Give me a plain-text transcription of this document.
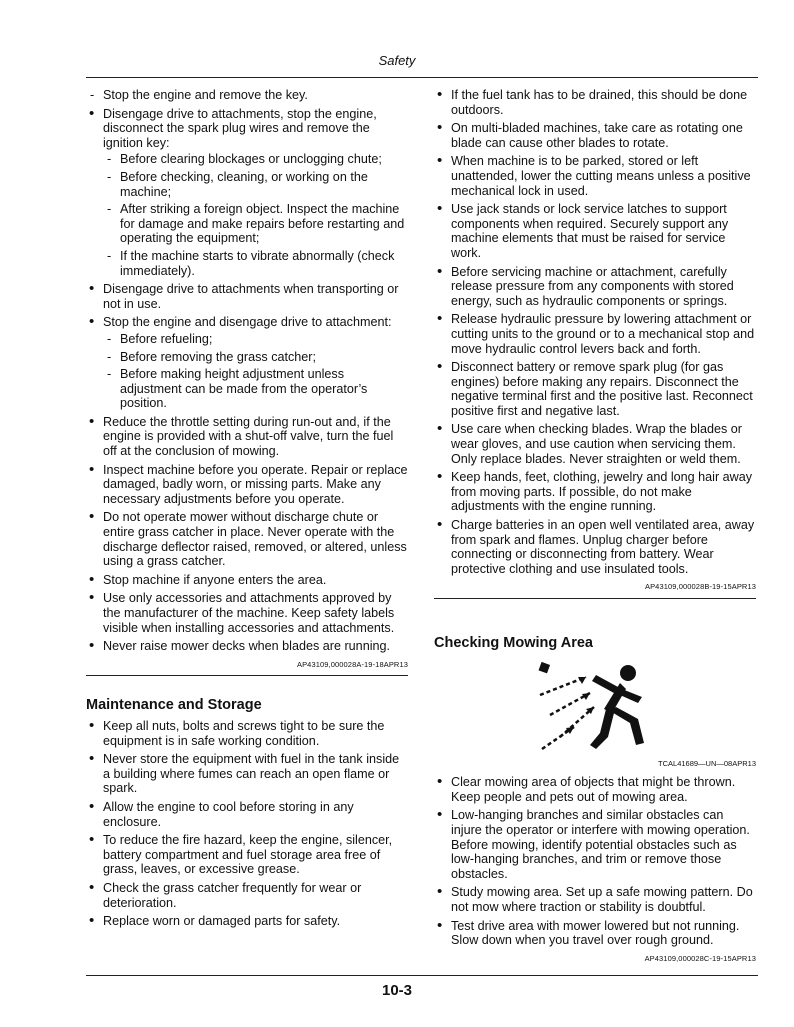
Safety
- Stop the engine and remove the key.
• Disengage drive to attachments, stop the engine, disconnect the spark plug wires and remove the ignition key:
- Before clearing blockages or unclogging chute;
- Before checking, cleaning, or working on the machine;
- After striking a foreign object. Inspect the machine for damage and make repairs before restarting and operating the equipment;
- If the machine starts to vibrate abnormally (check immediately).
• Disengage drive to attachments when transporting or not in use.
• Stop the engine and disengage drive to attachment:
- Before refueling;
- Before removing the grass catcher;
- Before making height adjustment unless adjustment can be made from the operator’s position.
• Reduce the throttle setting during run-out and, if the engine is provided with a shut-off valve, turn the fuel off at the conclusion of mowing.
• Inspect machine before you operate. Repair or replace damaged, badly worn, or missing parts. Make any necessary adjustments before you operate.
• Do not operate mower without discharge chute or entire grass catcher in place. Never operate with the discharge deflector raised, removed, or altered, unless using a grass catcher.
• Stop machine if anyone enters the area.
• Use only accessories and attachments approved by the manufacturer of the machine. Keep safety labels visible when installing accessories and attachments.
• Never raise mower decks when blades are running.
AP43109,000028A-19-18APR13
Maintenance and Storage
• Keep all nuts, bolts and screws tight to be sure the equipment is in safe working condition.
• Never store the equipment with fuel in the tank inside a building where fumes can reach an open flame or spark.
• Allow the engine to cool before storing in any enclosure.
• To reduce the fire hazard, keep the engine, silencer, battery compartment and fuel storage area free of grass, leaves, or excessive grease.
• Check the grass catcher frequently for wear or deterioration.
• Replace worn or damaged parts for safety.
• If the fuel tank has to be drained, this should be done outdoors.
• On multi-bladed machines, take care as rotating one blade can cause other blades to rotate.
• When machine is to be parked, stored or left unattended, lower the cutting means unless a positive mechanical lock in used.
• Use jack stands or lock service latches to support components when required. Securely support any machine elements that must be raised for service work.
• Before servicing machine or attachment, carefully release pressure from any components with stored energy, such as hydraulic components or springs.
• Release hydraulic pressure by lowering attachment or cutting units to the ground or to a mechanical stop and move hydraulic control levers back and forth.
• Disconnect battery or remove spark plug (for gas engines) before making any repairs. Disconnect the negative terminal first and the positive last. Reconnect positive first and negative last.
• Use care when checking blades. Wrap the blades or wear gloves, and use caution when servicing them. Only replace blades. Never straighten or weld them.
• Keep hands, feet, clothing, jewelry and long hair away from moving parts. If possible, do not make adjustments with the engine running.
• Charge batteries in an open well ventilated area, away from spark and flames. Unplug charger before connecting or disconnecting from battery. Wear protective clothing and use insulated tools.
AP43109,000028B-19-15APR13
Checking Mowing Area
TCAL41689—UN—08APR13
• Clear mowing area of objects that might be thrown. Keep people and pets out of mowing area.
• Low-hanging branches and similar obstacles can injure the operator or interfere with mowing operation. Before mowing, identify potential obstacles such as low-hanging branches, and trim or remove those obstacles.
• Study mowing area. Set up a safe mowing pattern. Do not mow where traction or stability is doubtful.
• Test drive area with mower lowered but not running. Slow down when you travel over rough ground.
AP43109,000028C-19-15APR13
10-3
